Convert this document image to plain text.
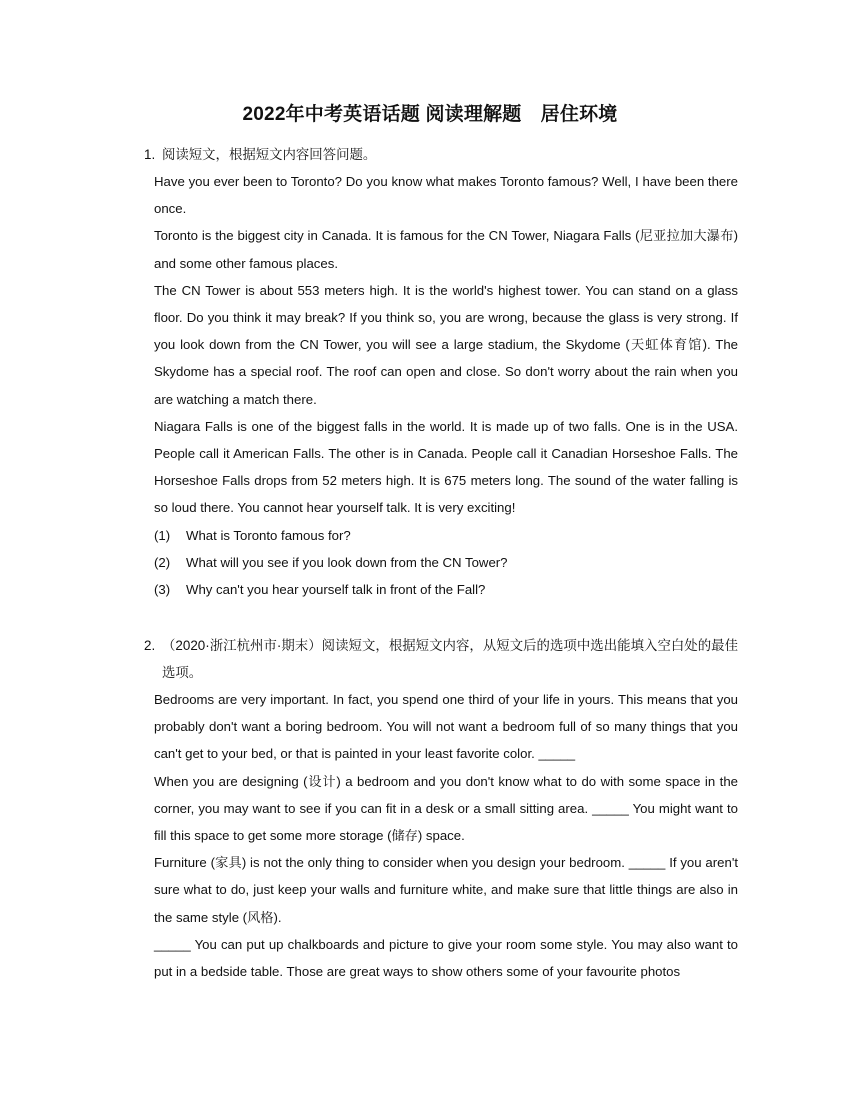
2022年中考英语话题 阅读理解题　居住环境
1. 阅读短文，根据短文内容回答问题。

Have you ever been to Toronto? Do you know what makes Toronto famous? Well, I have been there once.

Toronto is the biggest city in Canada. It is famous for the CN Tower, Niagara Falls (尼亚拉加大瀑布) and some other famous places.

The CN Tower is about 553 meters high. It is the world's highest tower. You can stand on a glass floor. Do you think it may break? If you think so, you are wrong, because the glass is very strong. If you look down from the CN Tower, you will see a large stadium, the Skydome (天虹体育馆). The Skydome has a special roof. The roof can open and close. So don't worry about the rain when you are watching a match there.

Niagara Falls is one of the biggest falls in the world. It is made up of two falls. One is in the USA. People call it American Falls. The other is in Canada. People call it Canadian Horseshoe Falls. The Horseshoe Falls drops from 52 meters high. It is 675 meters long. The sound of the water falling is so loud there. You cannot hear yourself talk. It is very exciting!

(1) What is Toronto famous for?
(2) What will you see if you look down from the CN Tower?
(3) Why can't you hear yourself talk in front of the Fall?
2. （2020·浙江杭州市·期末）阅读短文，根据短文内容，从短文后的选项中选出能填入空白处的最佳选项。

Bedrooms are very important. In fact, you spend one third of your life in yours. This means that you probably don't want a boring bedroom. You will not want a bedroom full of so many things that you can't get to your bed, or that is painted in your least favorite color. _____

When you are designing (设计) a bedroom and you don't know what to do with some space in the corner, you may want to see if you can fit in a desk or a small sitting area. _____ You might want to fill this space to get some more storage (储存) space.

Furniture (家具) is not the only thing to consider when you design your bedroom. _____ If you aren't sure what to do, just keep your walls and furniture white, and make sure that little things are also in the same style (风格).

_____ You can put up chalkboards and picture to give your room some style. You may also want to put in a bedside table. Those are great ways to show others some of your favourite photos
